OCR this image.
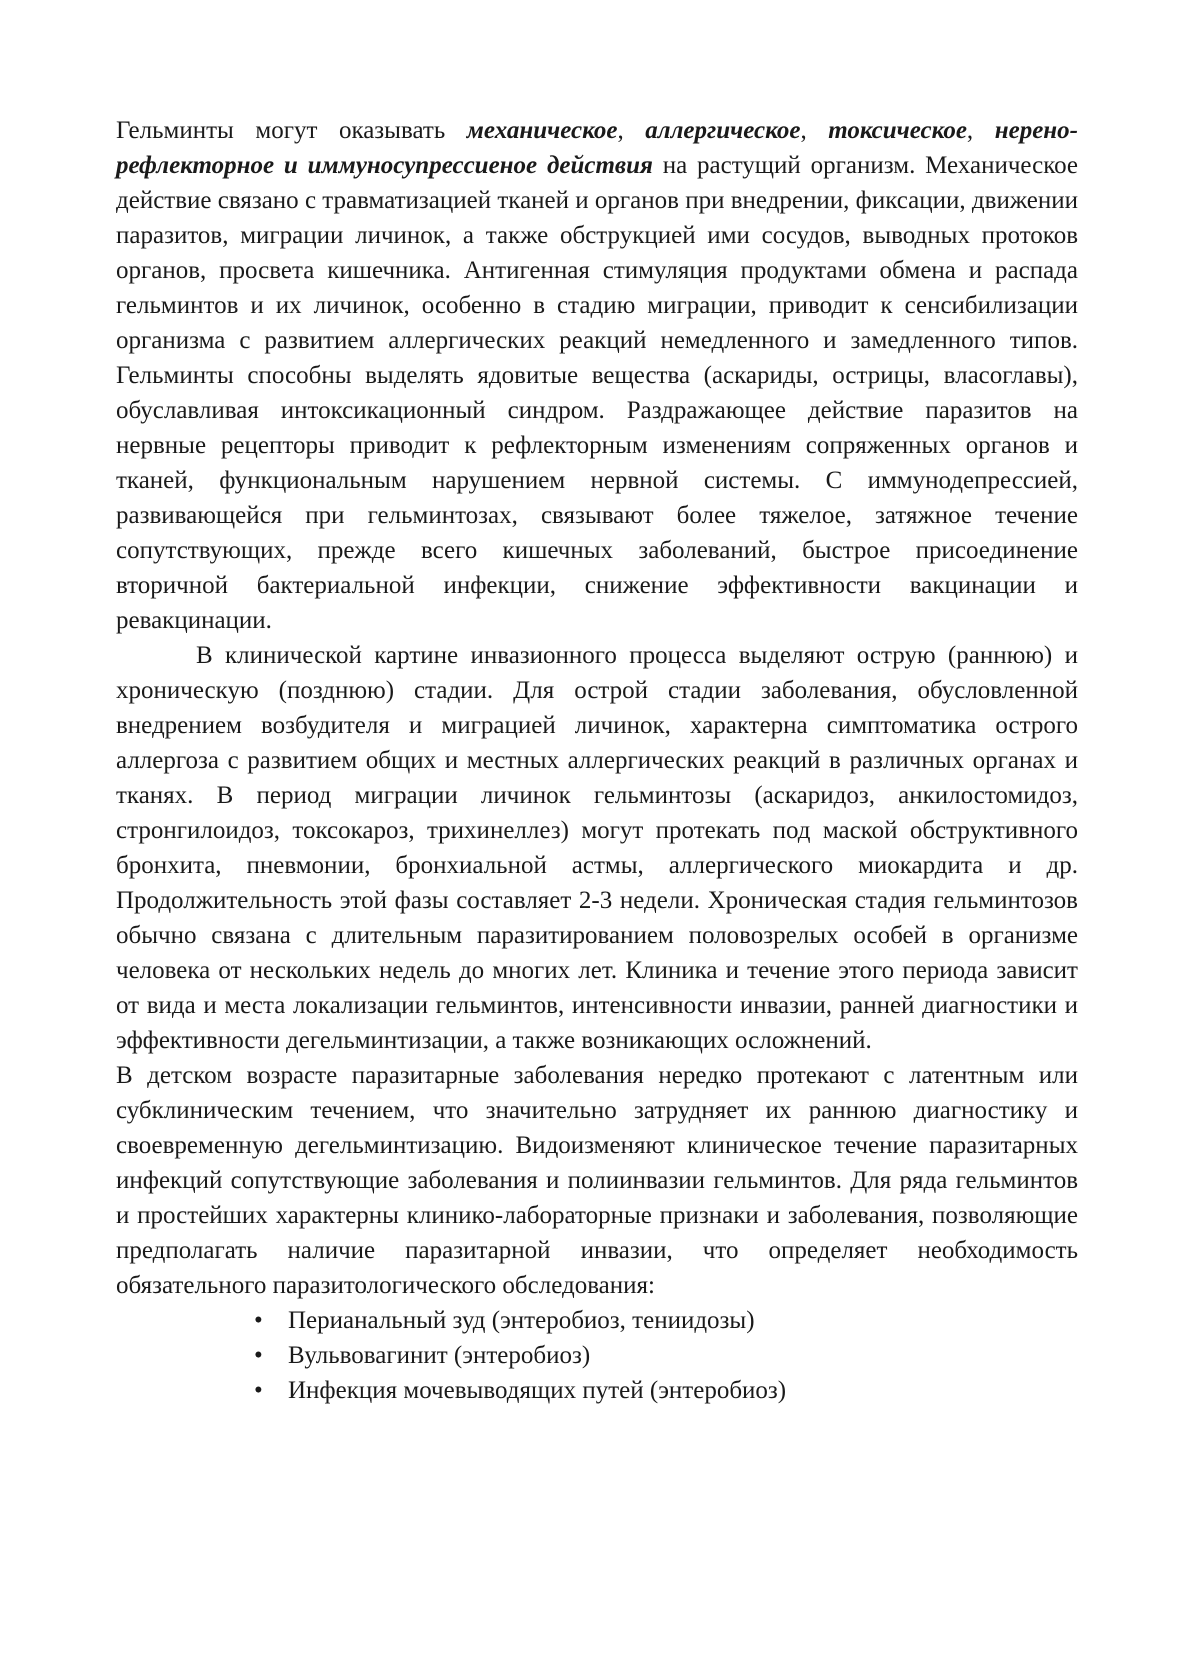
Гельминты могут оказывать механическое, аллергическое, токсическое, нерено-рефлекторное и иммуносупрессиеное действия на растущий организм. Механическое действие связано с травматизацией тканей и органов при внедрении, фиксации, движении паразитов, миграции личинок, а также обструкцией ими сосудов, выводных протоков органов, просвета кишечника. Антигенная стимуляция продуктами обмена и распада гельминтов и их личинок, особенно в стадию миграции, приводит к сенсибилизации организма с развитием аллергических реакций немедленного и замедленного типов. Гельминты способны выделять ядовитые вещества (аскариды, острицы, власоглавы), обуславливая интоксикационный синдром. Раздражающее действие паразитов на нервные рецепторы приводит к рефлекторным изменениям сопряженных органов и тканей, функциональным нарушением нервной системы. С иммунодепрессией, развивающейся при гельминтозах, связывают более тяжелое, затяжное течение сопутствующих, прежде всего кишечных заболеваний, быстрое присоединение вторичной бактериальной инфекции, снижение эффективности вакцинации и ревакцинации.

В клинической картине инвазионного процесса выделяют острую (раннюю) и хроническую (позднюю) стадии. Для острой стадии заболевания, обусловленной внедрением возбудителя и миграцией личинок, характерна симптоматика острого аллергоза с развитием общих и местных аллергических реакций в различных органах и тканях. В период миграции личинок гельминтозы (аскаридоз, анкилостомидоз, стронгилоидоз, токсокароз, трихинеллез) могут протекать под маской обструктивного бронхита, пневмонии, бронхиальной астмы, аллергического миокардита и др. Продолжительность этой фазы составляет 2-3 недели. Хроническая стадия гельминтозов обычно связана с длительным паразитированием половозрелых особей в организме человека от нескольких недель до многих лет. Клиника и течение этого периода зависит от вида и места локализации гельминтов, интенсивности инвазии, ранней диагностики и эффективности дегельминтизации, а также возникающих осложнений.

В детском возрасте паразитарные заболевания нередко протекают с латентным или субклиническим течением, что значительно затрудняет их раннюю диагностику и своевременную дегельминтизацию. Видоизменяют клиническое течение паразитарных инфекций сопутствующие заболевания и полиинвазии гельминтов. Для ряда гельминтов и простейших характерны клинико-лабораторные признаки и заболевания, позволяющие предполагать наличие паразитарной инвазии, что определяет необходимость обязательного паразитологического обследования:

• Перианальный зуд (энтеробиоз, тениидозы)
• Вульвовагинит (энтеробиоз)
• Инфекция мочевыводящих путей (энтеробиоз)
